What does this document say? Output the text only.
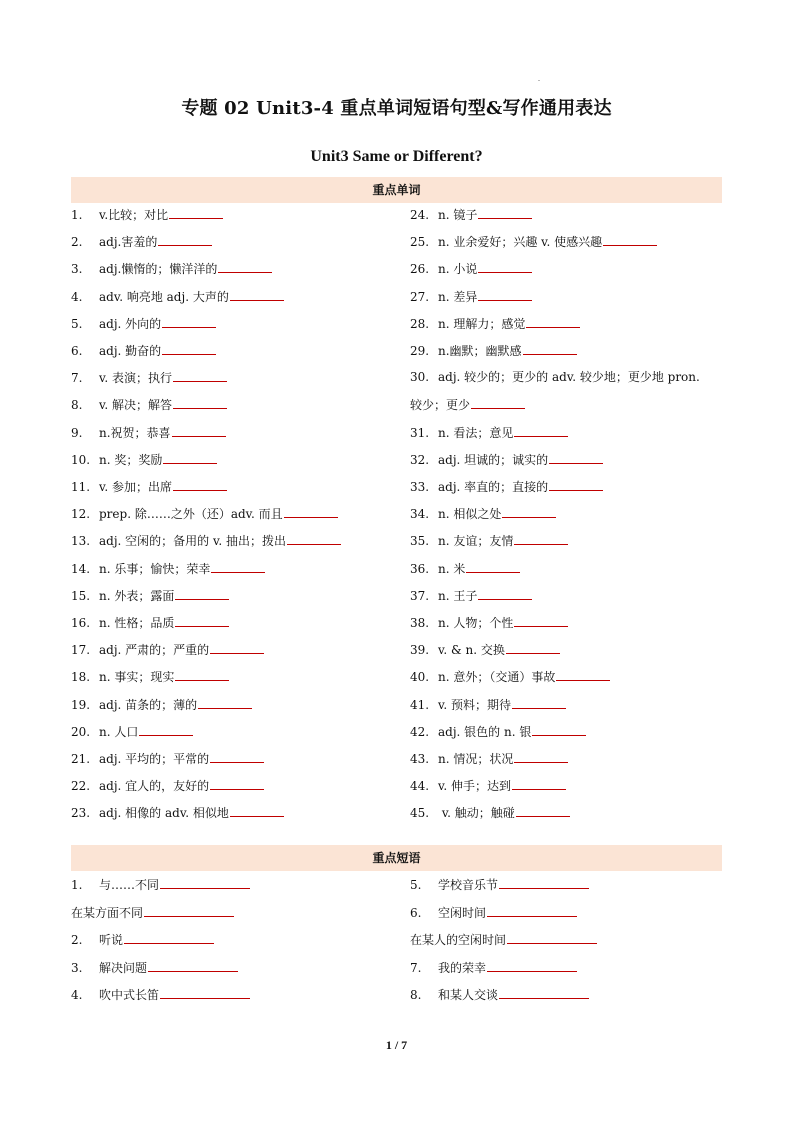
专题 02 Unit3-4 重点单词短语句型&写作通用表达
Unit3 Same or Different?
重点单词
1. v.比较；对比
2. adj.害羞的
3. adj.懒惰的；懒洋洋的
4. adv. 响亮地 adj. 大声的
5. adj. 外向的
6. adj. 勤奋的
7. v. 表演；执行
8. v. 解决；解答
9. n.祝贺；恭喜
10. n. 奖；奖励
11. v. 参加；出席
12. prep. 除……之外（还）adv. 而且
13. adj. 空闲的；备用的 v. 抽出；拨出
14. n. 乐事；愉快；荣幸
15. n. 外表；露面
16. n. 性格；品质
17. adj. 严肃的；严重的
18. n. 事实；现实
19. adj. 苗条的；薄的
20. n. 人口
21. adj. 平均的；平常的
22. adj. 宜人的，友好的
23. adj. 相像的 adv. 相似地
24. n. 镜子
25. n. 业余爱好；兴趣 v. 使感兴趣
26. n. 小说
27. n. 差异
28. n. 理解力；感觉
29. n.幽默；幽默感
30. adj. 较少的；更少的 adv. 较少地；更少地 pron.
较少；更少
31. n. 看法；意见
32. adj. 坦诚的；诚实的
33. adj. 率直的；直接的
34. n. 相似之处
35. n. 友谊；友情
36. n. 米
37. n. 王子
38. n. 人物；个性
39. v. & n. 交换
40. n. 意外；（交通）事故
41. v. 预料；期待
42. adj. 银色的 n. 银
43. n. 情况；状况
44. v. 伸手；达到
45. v. 触动；触碰
重点短语
1. 与……不同
在某方面不同
2. 听说
3. 解决问题
4. 吹中式长笛
5. 学校音乐节
6. 空闲时间
在某人的空闲时间
7. 我的荣幸
8. 和某人交谈
1 / 7
